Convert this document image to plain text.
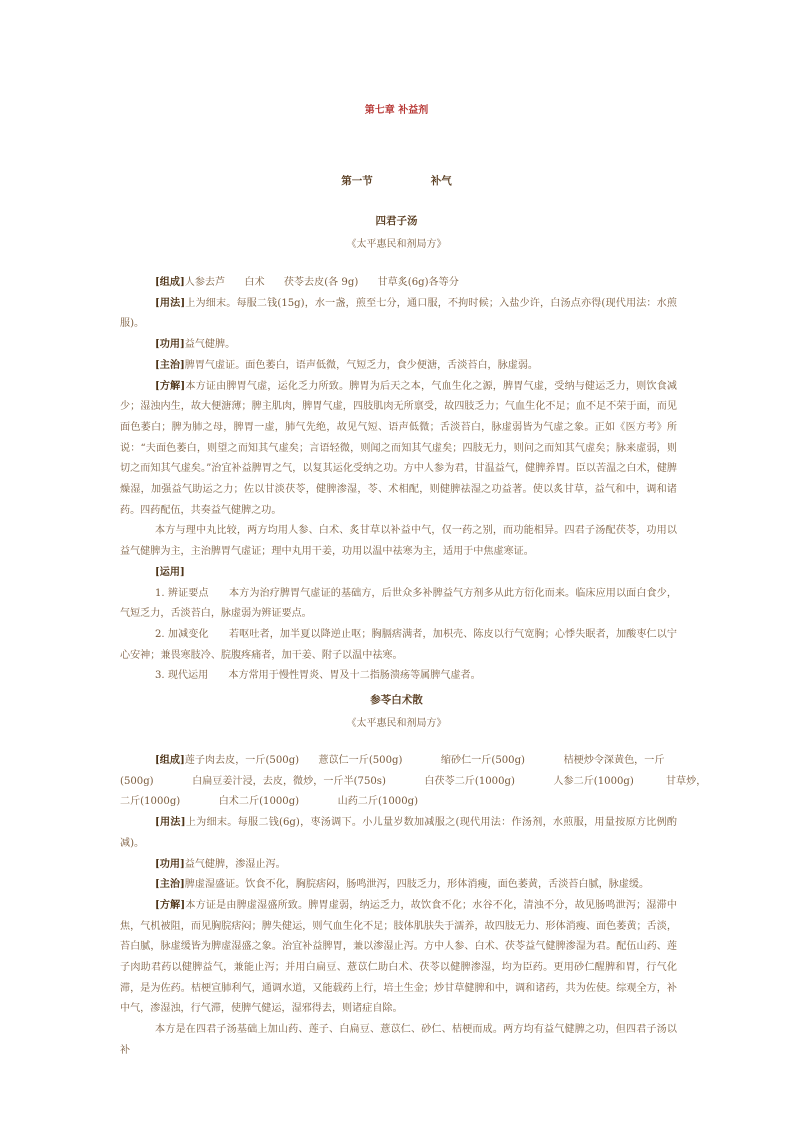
第七章 补益剂
第一节	补气
四君子汤
《太平惠民和剂局方》

[组成]人参去芦      白术      茯苓去皮(各 9g)      甘草炙(6g)各等分

[用法]上为细末。每服二钱(15g)，水一盏，煎至七分，通口服，不拘时候；入盐少许，白汤点亦得(现代用法：水煎服)。

[功用]益气健脾。

[主治]脾胃气虚证。面色萎白，语声低微，气短乏力，食少便溏，舌淡苔白，脉虚弱。

[方解]本方证由脾胃气虚，运化乏力所致。脾胃为后天之本，气血生化之源，脾胃气虚，受纳与健运乏力，则饮食减少；湿浊内生，故大便溏薄；脾主肌肉，脾胃气虚，四肢肌肉无所禀受，故四肢乏力；气血生化不足；血不足不荣于面，而见面色萎白；脾为肺之母，脾胃一虚，肺气先绝，故见气短、语声低微；舌淡苔白，脉虚弱皆为气虚之象。正如《医方考》所说：“夫面色萎白，则望之而知其气虚矣；言语轻微，则闻之而知其气虚矣；四肢无力，则问之而知其气虚矣；脉来虚弱，则切之而知其气虚矣。”治宜补益脾胃之气，以复其运化受纳之功。方中人参为君，甘温益气，健脾养胃。臣以苦温之白术，健脾燥湿，加强益气助运之力；佐以甘淡茯苓，健脾渗湿，苓、术相配，则健脾祛湿之功益著。使以炙甘草，益气和中，调和诸药。四药配伍，共奏益气健脾之功。

本方与理中丸比较，两方均用人参、白术、炙甘草以补益中气，仅一药之别，而功能相异。四君子汤配茯苓，功用以益气健脾为主，主治脾胃气虚证；理中丸用干姜，功用以温中祛寒为主，适用于中焦虚寒证。

[运用]

1. 辨证要点   本方为治疗脾胃气虚证的基础方，后世众多补脾益气方剂多从此方衍化而来。临床应用以面白食少，气短乏力，舌淡苔白，脉虚弱为辨证要点。

2. 加减变化   若呕吐者，加半夏以降逆止呕；胸膈痞满者，加枳壳、陈皮以行气宽胸；心悸失眠者，加酸枣仁以宁心安神；兼畏寒肢冷、脘腹疼痛者，加干姜、附子以温中祛寒。

3. 现代运用   本方常用于慢性胃炎、胃及十二指肠溃疡等属脾气虚者。

参苓白术散
《太平惠民和剂局方》

[组成]莲子肉去皮，一斤(500g)      薏苡仁一斤(500g)            缩砂仁一斤(500g)            桔梗炒令深黄色，一斤

(500g)            白扁豆姜汁浸，去皮，微炒，一斤半(750s)            白茯苓二斤(1000g)            人参二斤(1000g)          甘草炒，

二斤(1000g)            白术二斤(1000g)            山药二斤(1000g)

[用法]上为细末。每服二钱(6g)，枣汤调下。小儿量岁数加减服之(现代用法：作汤剂，水煎服，用量按原方比例酌减)。

[功用]益气健脾，渗湿止泻。

[主治]脾虚湿盛证。饮食不化，胸脘痞闷，肠鸣泄泻，四肢乏力，形体消瘦，面色萎黄，舌淡苔白腻，脉虚缓。

[方解]本方证是由脾虚湿盛所致。脾胃虚弱，纳运乏力，故饮食不化；水谷不化，清浊不分，故见肠鸣泄泻；湿滞中焦，气机被阻，而见胸脘痞闷；脾失健运，则气血生化不足；肢体肌肤失于濡养，故四肢无力、形体消瘦、面色萎黄；舌淡，苔白腻，脉虚缓皆为脾虚湿盛之象。治宜补益脾胃，兼以渗湿止泻。方中人参、白术、茯苓益气健脾渗湿为君。配伍山药、莲子肉助君药以健脾益气，兼能止泻；并用白扁豆、薏苡仁助白术、茯苓以健脾渗湿，均为臣药。更用砂仁醒脾和胃，行气化滞，是为佐药。桔梗宣肺利气，通调水道，又能载药上行，培土生金；炒甘草健脾和中，调和诸药，共为佐使。综观全方，补中气，渗湿浊，行气滞，使脾气健运，湿邪得去，则诸症自除。

本方是在四君子汤基础上加山药、莲子、白扁豆、薏苡仁、砂仁、桔梗而成。两方均有益气健脾之功，但四君子汤以补
